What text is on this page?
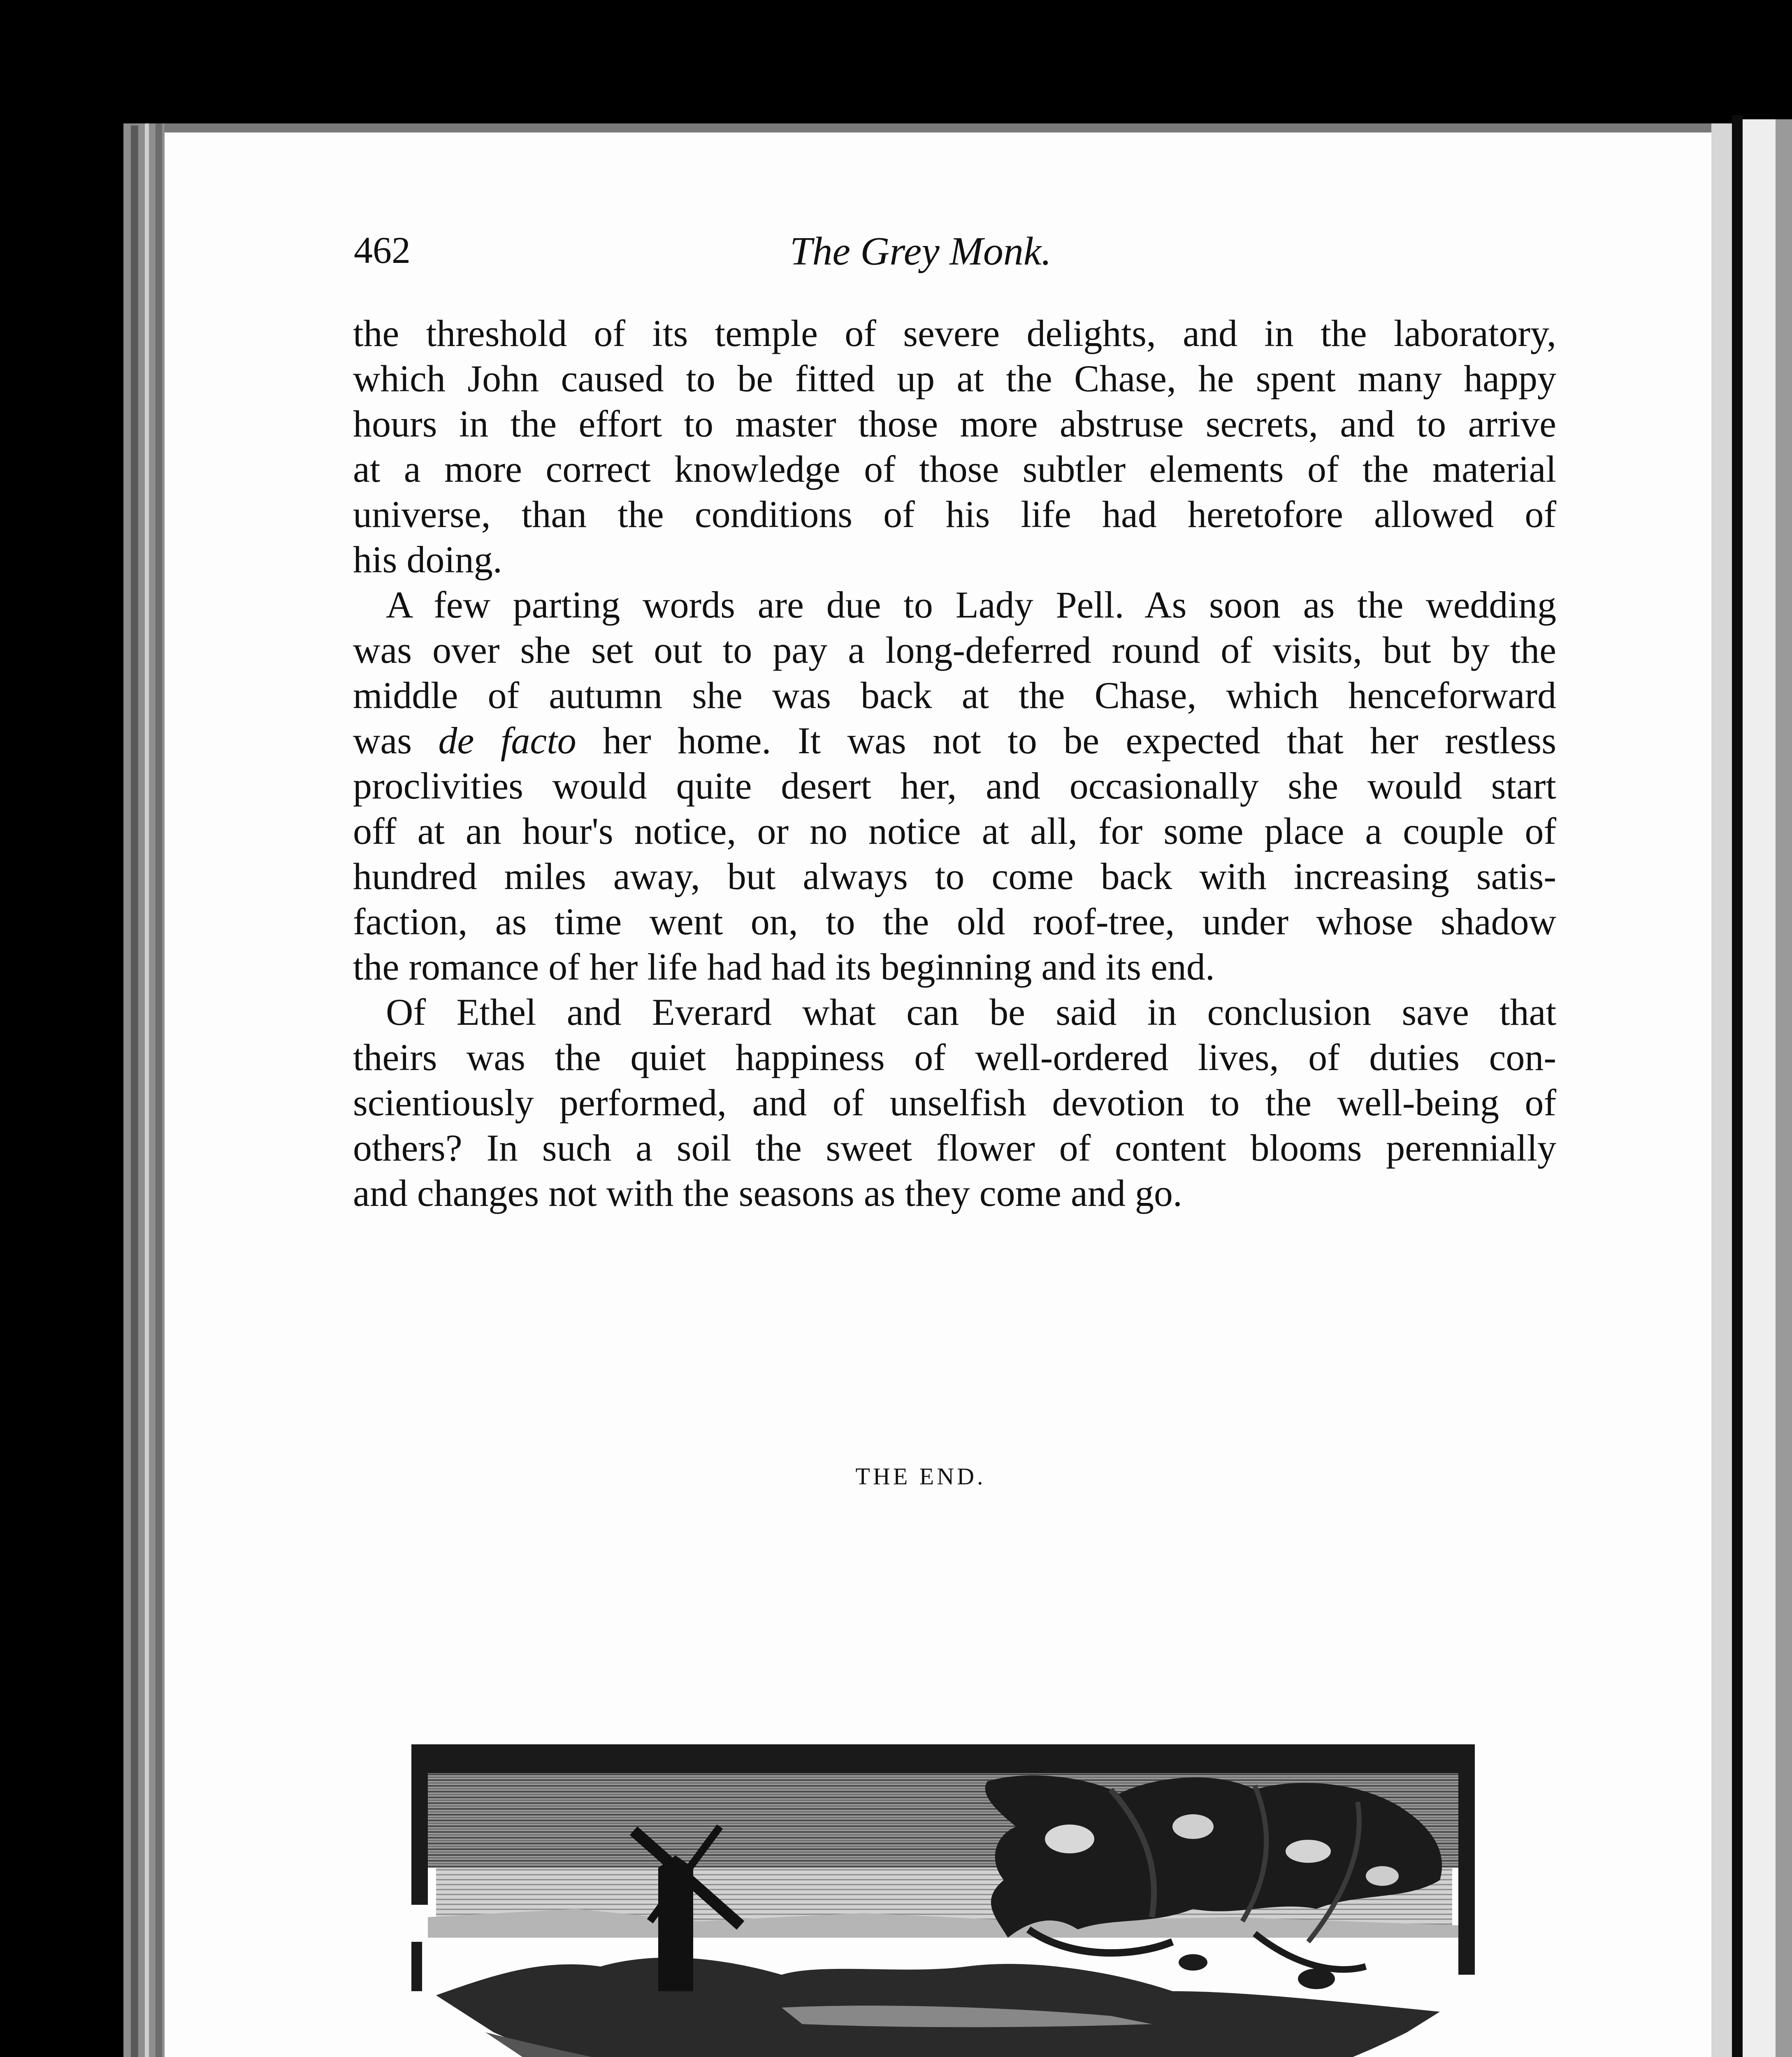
462	The Grey Monk.
the threshold of its temple of severe delights, and in the laboratory,
which John caused to be fitted up at the Chase, he spent many happy
hours in the effort to master those more abstruse secrets, and to arrive
at a more correct knowledge of those subtler elements of the material
universe, than the conditions of his life had heretofore allowed of
his doing.
A few parting words are due to Lady Pell. As soon as the wedding
was over she set out to pay a long-deferred round of visits, but by the
middle of autumn she was back at the Chase, which henceforward
was de facto her home. It was not to be expected that her restless
proclivities would quite desert her, and occasionally she would start
off at an hour's notice, or no notice at all, for some place a couple of
hundred miles away, but always to come back with increasing satis-
faction, as time went on, to the old roof-tree, under whose shadow
the romance of her life had had its beginning and its end.
Of Ethel and Everard what can be said in conclusion save that
theirs was the quiet happiness of well-ordered lives, of duties con-
scientiously performed, and of unselfish devotion to the well-being of
others? In such a soil the sweet flower of content blooms perennially
and changes not with the seasons as they come and go.
THE END.
